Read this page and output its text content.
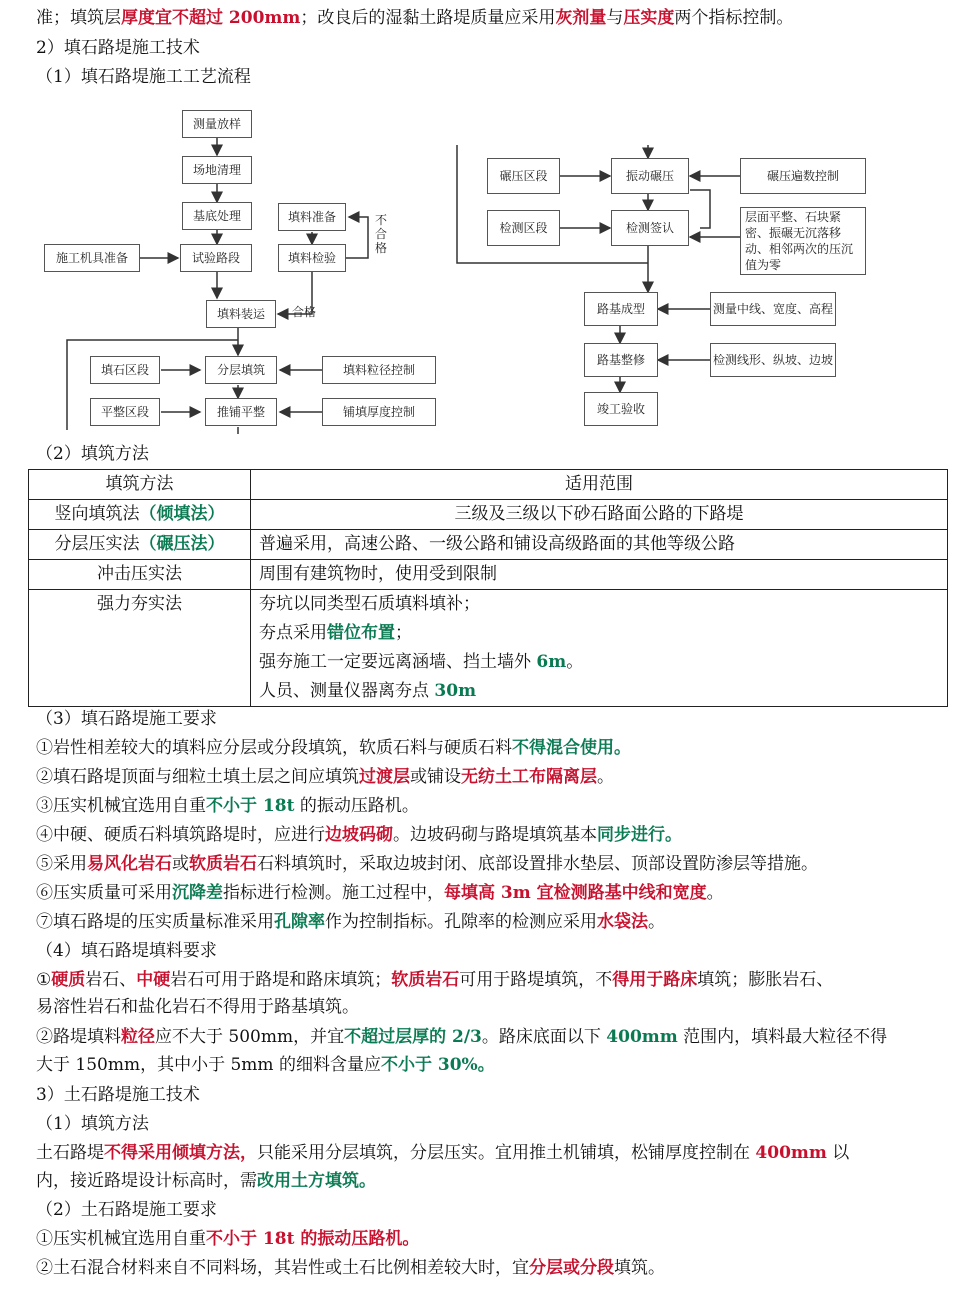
准；填筑层厚度宜不超过 200mm；改良后的湿黏土路堤质量应采用灰剂量与压实度两个指标控制。
2）填石路堤施工技术
（1）填石路堤施工工艺流程
测量放样
场地清理
基底处理
试验路段
施工机具准备
填料准备
填料检验
不合格
合格
填料装运
填石区段	分层填筑	填料粒径控制
平整区段	推铺平整	铺填厚度控制
碾压区段	振动碾压	碾压遍数控制
检测区段	检测签认
层面平整、石块紧密、振碾无沉落移动、相邻两次的压沉值为零
路基成型	测量中线、宽度、高程
路基整修	检测线形、纵坡、边坡
竣工验收
（2）填筑方法
填筑方法	适用范围
竖向填筑法（倾填法）	三级及三级以下砂石路面公路的下路堤
分层压实法（碾压法）	普遍采用，高速公路、一级公路和铺设高级路面的其他等级公路
冲击压实法	周围有建筑物时，使用受到限制
强力夯实法	夯坑以同类型石质填料填补；
夯点采用错位布置；
强夯施工一定要远离涵墙、挡土墙外 6m。
人员、测量仪器离夯点 30m
（3）填石路堤施工要求
①岩性相差较大的填料应分层或分段填筑，软质石料与硬质石料不得混合使用。
②填石路堤顶面与细粒土填土层之间应填筑过渡层或铺设无纺土工布隔离层。
③压实机械宜选用自重不小于 18t 的振动压路机。
④中硬、硬质石料填筑路堤时，应进行边坡码砌。边坡码砌与路堤填筑基本同步进行。
⑤采用易风化岩石或软质岩石石料填筑时，采取边坡封闭、底部设置排水垫层、顶部设置防渗层等措施。
⑥压实质量可采用沉降差指标进行检测。施工过程中，每填高 3m 宜检测路基中线和宽度。
⑦填石路堤的压实质量标准采用孔隙率作为控制指标。孔隙率的检测应采用水袋法。
（4）填石路堤填料要求
①硬质岩石、中硬岩石可用于路堤和路床填筑；软质岩石可用于路堤填筑，不得用于路床填筑；膨胀岩石、
易溶性岩石和盐化岩石不得用于路基填筑。
②路堤填料粒径应不大于 500mm，并宜不超过层厚的 2/3。路床底面以下 400mm 范围内，填料最大粒径不得
大于 150mm，其中小于 5mm 的细料含量应不小于 30%。
3）土石路堤施工技术
（1）填筑方法
土石路堤不得采用倾填方法，只能采用分层填筑，分层压实。宜用推土机铺填，松铺厚度控制在 400mm 以
内，接近路堤设计标高时，需改用土方填筑。
（2）土石路堤施工要求
①压实机械宜选用自重不小于 18t 的振动压路机。
②土石混合材料来自不同料场，其岩性或土石比例相差较大时，宜分层或分段填筑。
